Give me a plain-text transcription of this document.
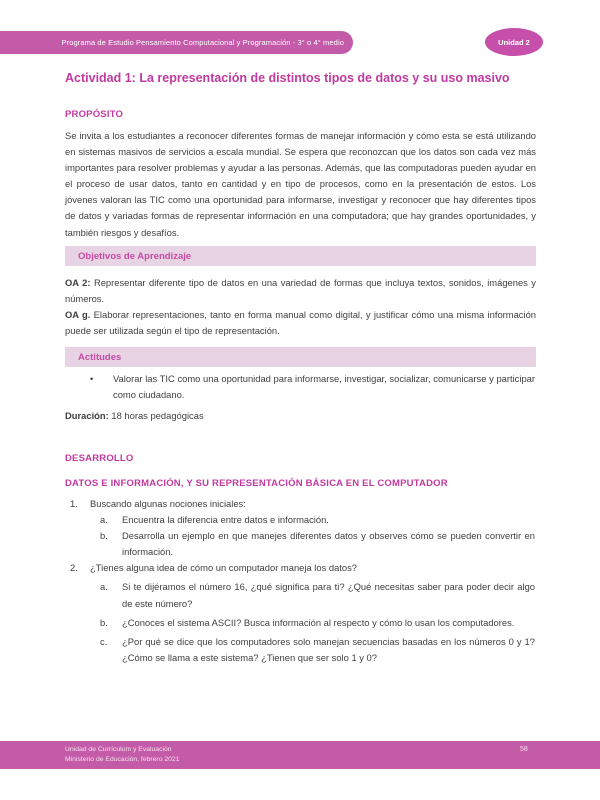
Programa de Estudio Pensamiento Computacional y Programación - 3° o 4° medio	Unidad 2
Actividad 1: La representación de distintos tipos de datos y su uso masivo
PROPÓSITO
Se invita a los estudiantes a reconocer diferentes formas de manejar información y cómo esta se está utilizando en sistemas masivos de servicios a escala mundial. Se espera que reconozcan que los datos son cada vez más importantes para resolver problemas y ayudar a las personas. Además, que las computadoras pueden ayudar en el proceso de usar datos, tanto en cantidad y en tipo de procesos, como en la presentación de estos. Los jóvenes valoran las TIC como una oportunidad para informarse, investigar y reconocer que hay diferentes tipos de datos y variadas formas de representar información en una computadora; que hay grandes oportunidades, y también riesgos y desafíos.
Objetivos de Aprendizaje
OA 2: Representar diferente tipo de datos en una variedad de formas que incluya textos, sonidos, imágenes y números.
OA g. Elaborar representaciones, tanto en forma manual como digital, y justificar cómo una misma información puede ser utilizada según el tipo de representación.
Actitudes
•	Valorar las TIC como una oportunidad para informarse, investigar, socializar, comunicarse y participar como ciudadano.
Duración: 18 horas pedagógicas
DESARROLLO
DATOS E INFORMACIÓN, Y SU REPRESENTACIÓN BÁSICA EN EL COMPUTADOR
1.	Buscando algunas nociones iniciales:
a.	Encuentra la diferencia entre datos e información.
b.	Desarrolla un ejemplo en que manejes diferentes datos y observes cómo se pueden convertir en información.
2.	¿Tienes alguna idea de cómo un computador maneja los datos?
a.	Si te dijéramos el número 16, ¿qué significa para ti? ¿Qué necesitas saber para poder decir algo de este número?
b.	¿Conoces el sistema ASCII? Busca información al respecto y cómo lo usan los computadores.
c.	¿Por qué se dice que los computadores solo manejan secuencias basadas en los números 0 y 1? ¿Cómo se llama a este sistema? ¿Tienen que ser solo 1 y 0?
Unidad de Currículum y Evaluación
Ministerio de Educación, febrero 2021
58
